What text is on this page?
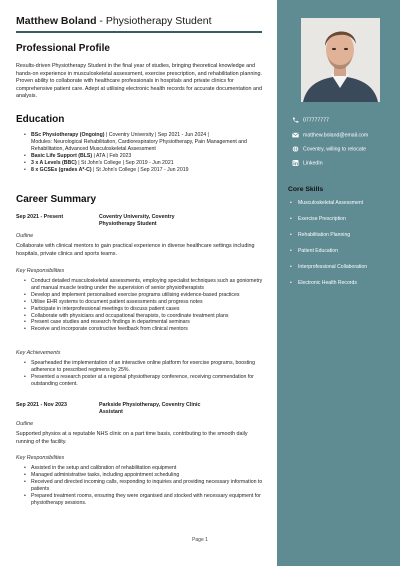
Matthew Boland - Physiotherapy Student
Professional Profile
Results-driven Physiotherapy Student in the final year of studies, bringing theoretical knowledge and hands-on experience in musculoskeletal assessment, exercise prescription, and rehabilitation planning. Proven ability to collaborate with healthcare professionals in hospitals and private clinics for comprehensive patient care. Adept at utilising electronic health records for accurate documentation and analysis.
Education
• BSc Physiotherapy (Ongoing) | Coventry University | Sep 2021 - Jun 2024 |
Modules: Neurological Rehabilitation, Cardiorespiratory Physiotherapy, Pain Management and Rehabilitation, Advanced Musculoskeletal Assessment
• Basic Life Support (BLS) | ATA | Feb 2023
• 3 x A Levels (BBC) | St John's College | Sep 2019 - Jun 2021
• 8 x GCSEs (grades A*-C) | St John's College | Sep 2017 - Jun 2019
Career Summary
Sep 2021 - Present	Coventry University, Coventry Physiotherapy Student
Outline
Collaborate with clinical mentors to gain practical experience in diverse healthcare settings including hospitals, private clinics and sports teams.
Key Responsibilities
• Conduct detailed musculoskeletal assessments, employing specialist techniques such as goniometry and manual muscle testing under the supervision of senior physiotherapists
• Develop and implement personalised exercise programs utilising evidence-based practices
• Utilise EHR systems to document patient assessments and progress notes
• Participate in interprofessional meetings to discuss patient cases
• Collaborate with physicians and occupational therapists, to coordinate treatment plans
• Present case studies and research findings in departmental seminars
• Receive and incorporate constructive feedback from clinical mentors
Key Achievements
• Spearheaded the implementation of an interactive online platform for exercise programs, boosting adherence to prescribed regimens by 25%.
• Presented a research poster at a regional physiotherapy conference, receiving commendation for outstanding content.
Sep 2021 - Nov 2023	Parkside Physiotherapy, Coventry Clinic Assistant
Outline
Supported physios at a reputable NHS clinic on a part time basis, contributing to the smooth daily running of the facility.
Key Responsibilities
• Assisted in the setup and calibration of rehabilitation equipment
• Managed administrative tasks, including appointment scheduling
• Received and directed incoming calls, responding to inquiries and providing necessary information to patients
• Prepared treatment rooms, ensuring they were organised and stocked with necessary equipment for physiotherapy sessions.
Page 1
077777777
matthew.boland@email.com
Coventry, willing to relocate
LinkedIn
Core Skills
• Musculoskeletal Assessment
• Exercise Prescription
• Rehabilitation Planning
• Patient Education
• Interprofessional Collaboration
• Electronic Health Records
